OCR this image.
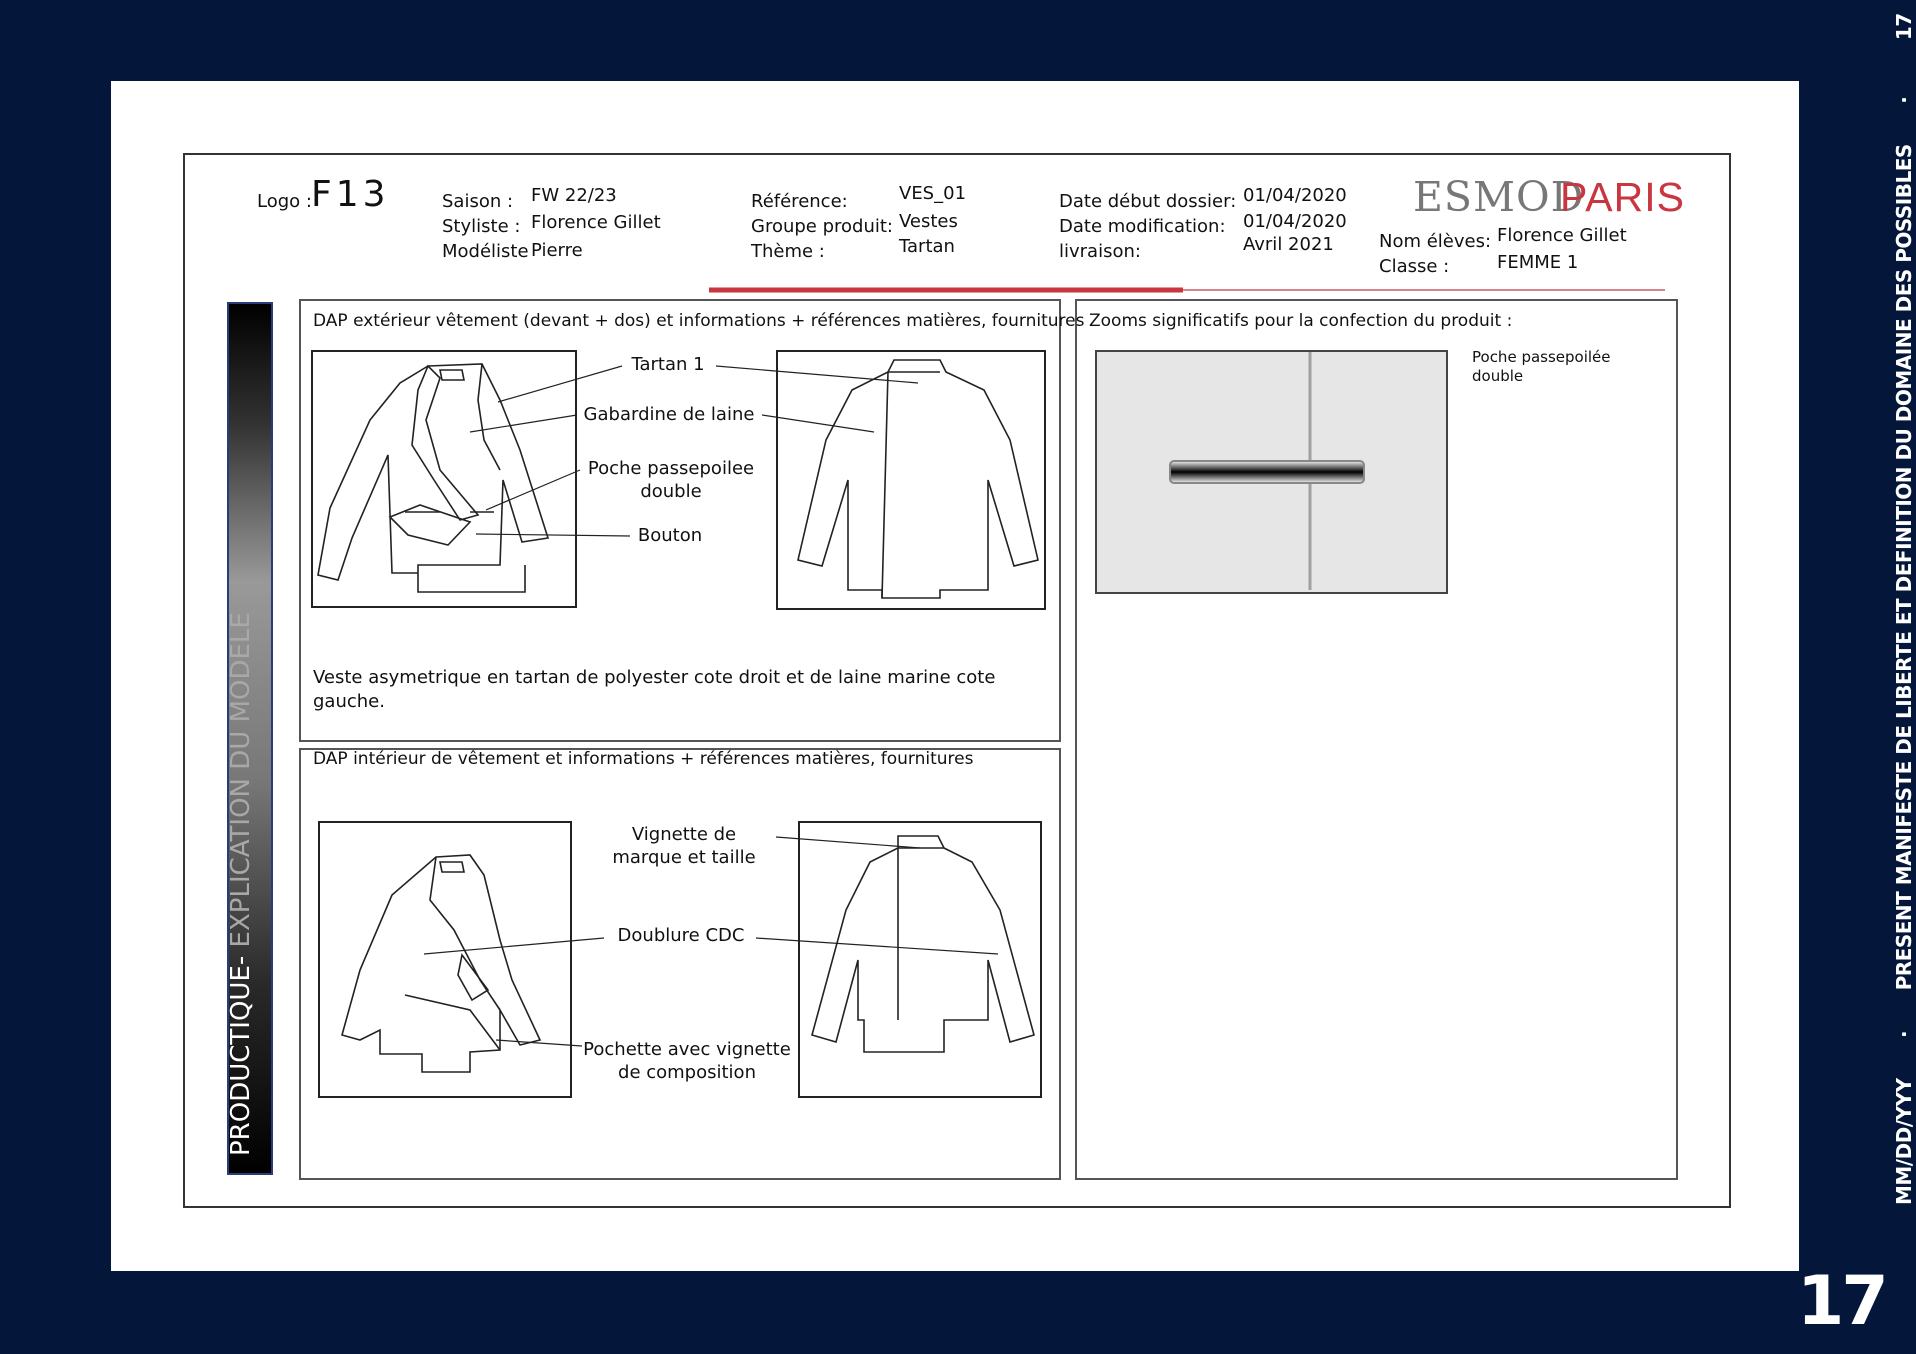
Logo : F13	Saison : FW 22/23
Styliste : Florence Gillet
Modéliste Pierre
Référence:	VES_01
Groupe produit: Vestes
Thème :	Tartan
Date début dossier: 01/04/2020
Date modification: 01/04/2020
livraison:	Avril 2021
ESMOD
PARIS
Nom élèves: Florence Gillet
Classe :	FEMME 1
PRODUCTIQUE- EXPLICATION DU MODELE
DAP extérieur vêtement (devant + dos) et informations + références matières, fournitures
DAP intérieur de vêtement et informations + références matières, fournitures
Zooms significatifs pour la confection du produit :
Tartan 1
Gabardine de laine
Poche passepoilee double
Bouton
Veste asymetrique en tartan de polyester cote droit et de laine marine cote gauche.
Vignette de marque et taille
Doublure CDC
Pochette avec vignette de composition
Poche passepoilée double
MM/DD/YYY · PRESENT MANIFESTE DE LIBERTE ET DEFINITION DU DOMAINE DES POSSIBLES · 17
17
